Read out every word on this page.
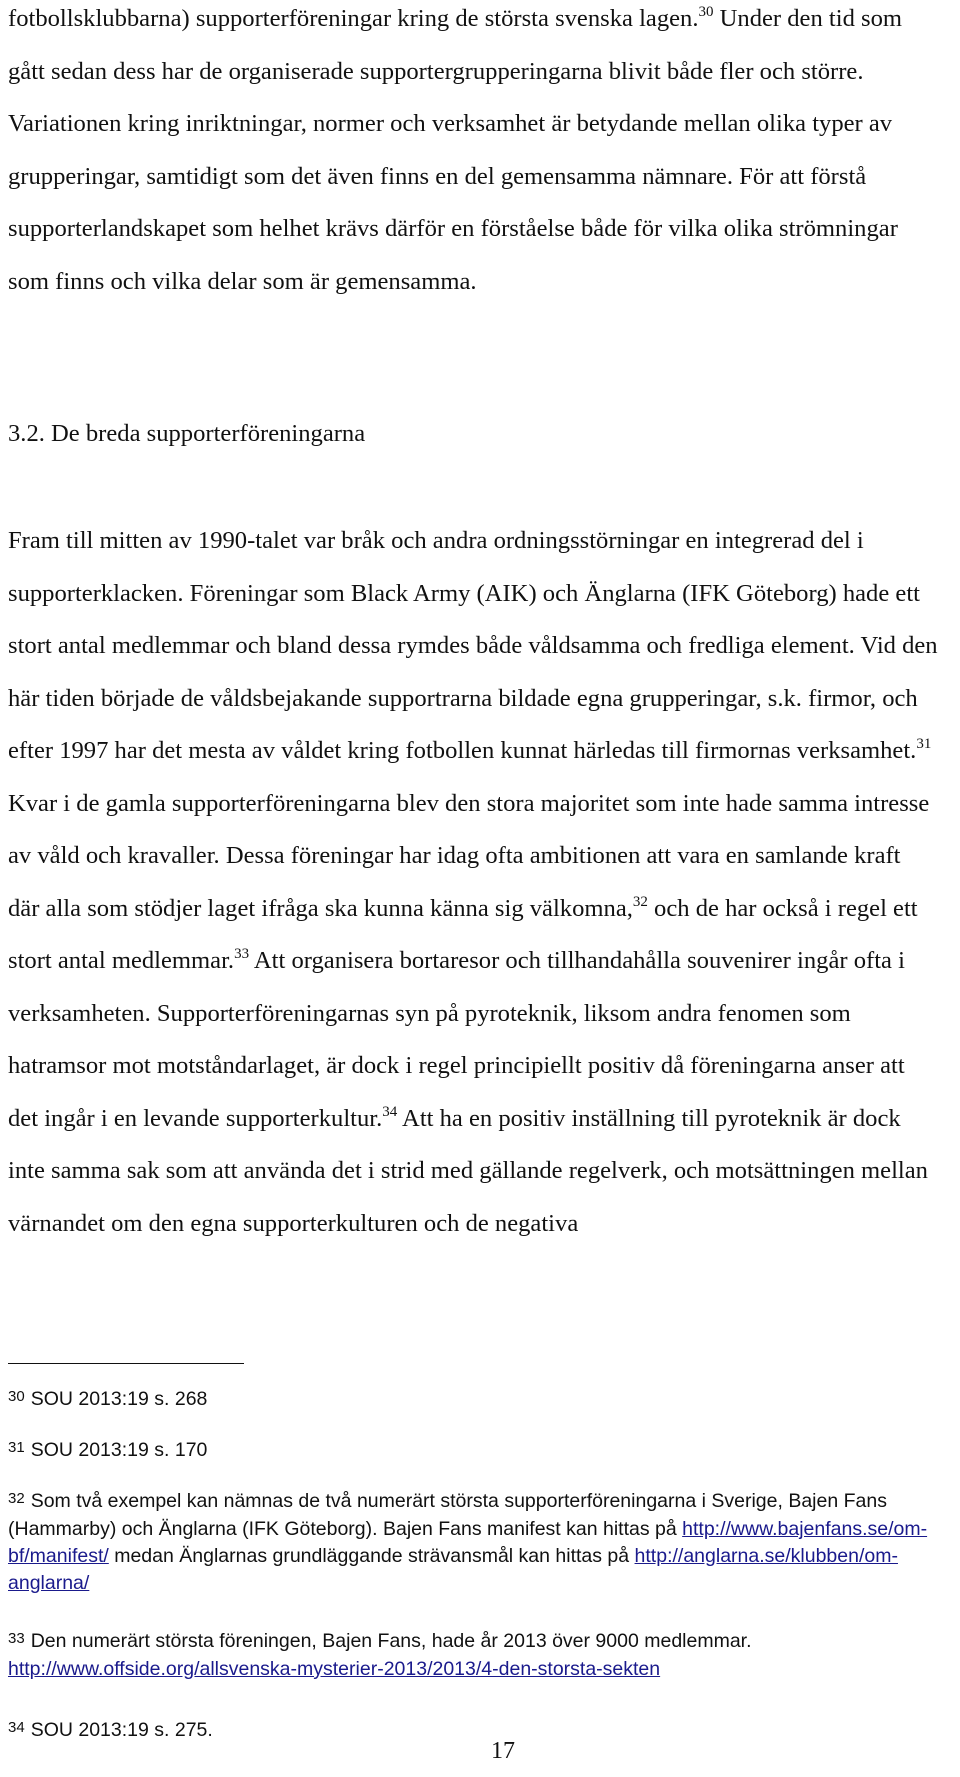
fotbollsklubbarna) supporterföreningar kring de största svenska lagen.$^{30}$ Under den tid som gått sedan dess har de organiserade supportergrupperingarna blivit både fler och större. Variationen kring inriktningar, normer och verksamhet är betydande mellan olika typer av grupperingar, samtidigt som det även finns en del gemensamma nämnare. För att förstå supporterlandskapet som helhet krävs därför en förståelse både för vilka olika strömningar som finns och vilka delar som är gemensamma.

3.2. De breda supporterföreningarna

Fram till mitten av 1990-talet var bråk och andra ordningsstörningar en integrerad del i supporterklacken. Föreningar som Black Army (AIK) och Änglarna (IFK Göteborg) hade ett stort antal medlemmar och bland dessa rymdes både våldsamma och fredliga element. Vid den här tiden började de våldsbejakande supportrarna bildade egna grupperingar, s.k. firmor, och efter 1997 har det mesta av våldet kring fotbollen kunnat härledas till firmornas verksamhet.$^{31}$ Kvar i de gamla supporterföreningarna blev den stora majoritet som inte hade samma intresse av våld och kravaller. Dessa föreningar har idag ofta ambitionen att vara en samlande kraft där alla som stödjer laget ifråga ska kunna känna sig välkomna,$^{32}$ och de har också i regel ett stort antal medlemmar.$^{33}$ Att organisera bortaresor och tillhandahålla souvenirer ingår ofta i verksamheten. Supporterföreningarnas syn på pyroteknik, liksom andra fenomen som hatramsor mot motståndarlaget, är dock i regel principiellt positiv då föreningarna anser att det ingår i en levande supporterkultur.$^{34}$ Att ha en positiv inställning till pyroteknik är dock inte samma sak som att använda det i strid med gällande regelverk, och motsättningen mellan värnandet om den egna supporterkulturen och de negativa

$^{30}$ SOU 2013:19 s. 268

$^{31}$ SOU 2013:19 s. 170

$^{32}$ Som två exempel kan nämnas de två numerärt största supporterföreningarna i Sverige, Bajen Fans (Hammarby) och Änglarna (IFK Göteborg). Bajen Fans manifest kan hittas på http://www.bajenfans.se/om-bf/manifest/ medan Änglarnas grundläggande strävansmål kan hittas på http://anglarna.se/klubben/om-anglarna/

$^{33}$ Den numerärt största föreningen, Bajen Fans, hade år 2013 över 9000 medlemmar. http://www.offside.org/allsvenska-mysterier-2013/2013/4-den-storsta-sekten

$^{34}$ SOU 2013:19 s. 275.

17
